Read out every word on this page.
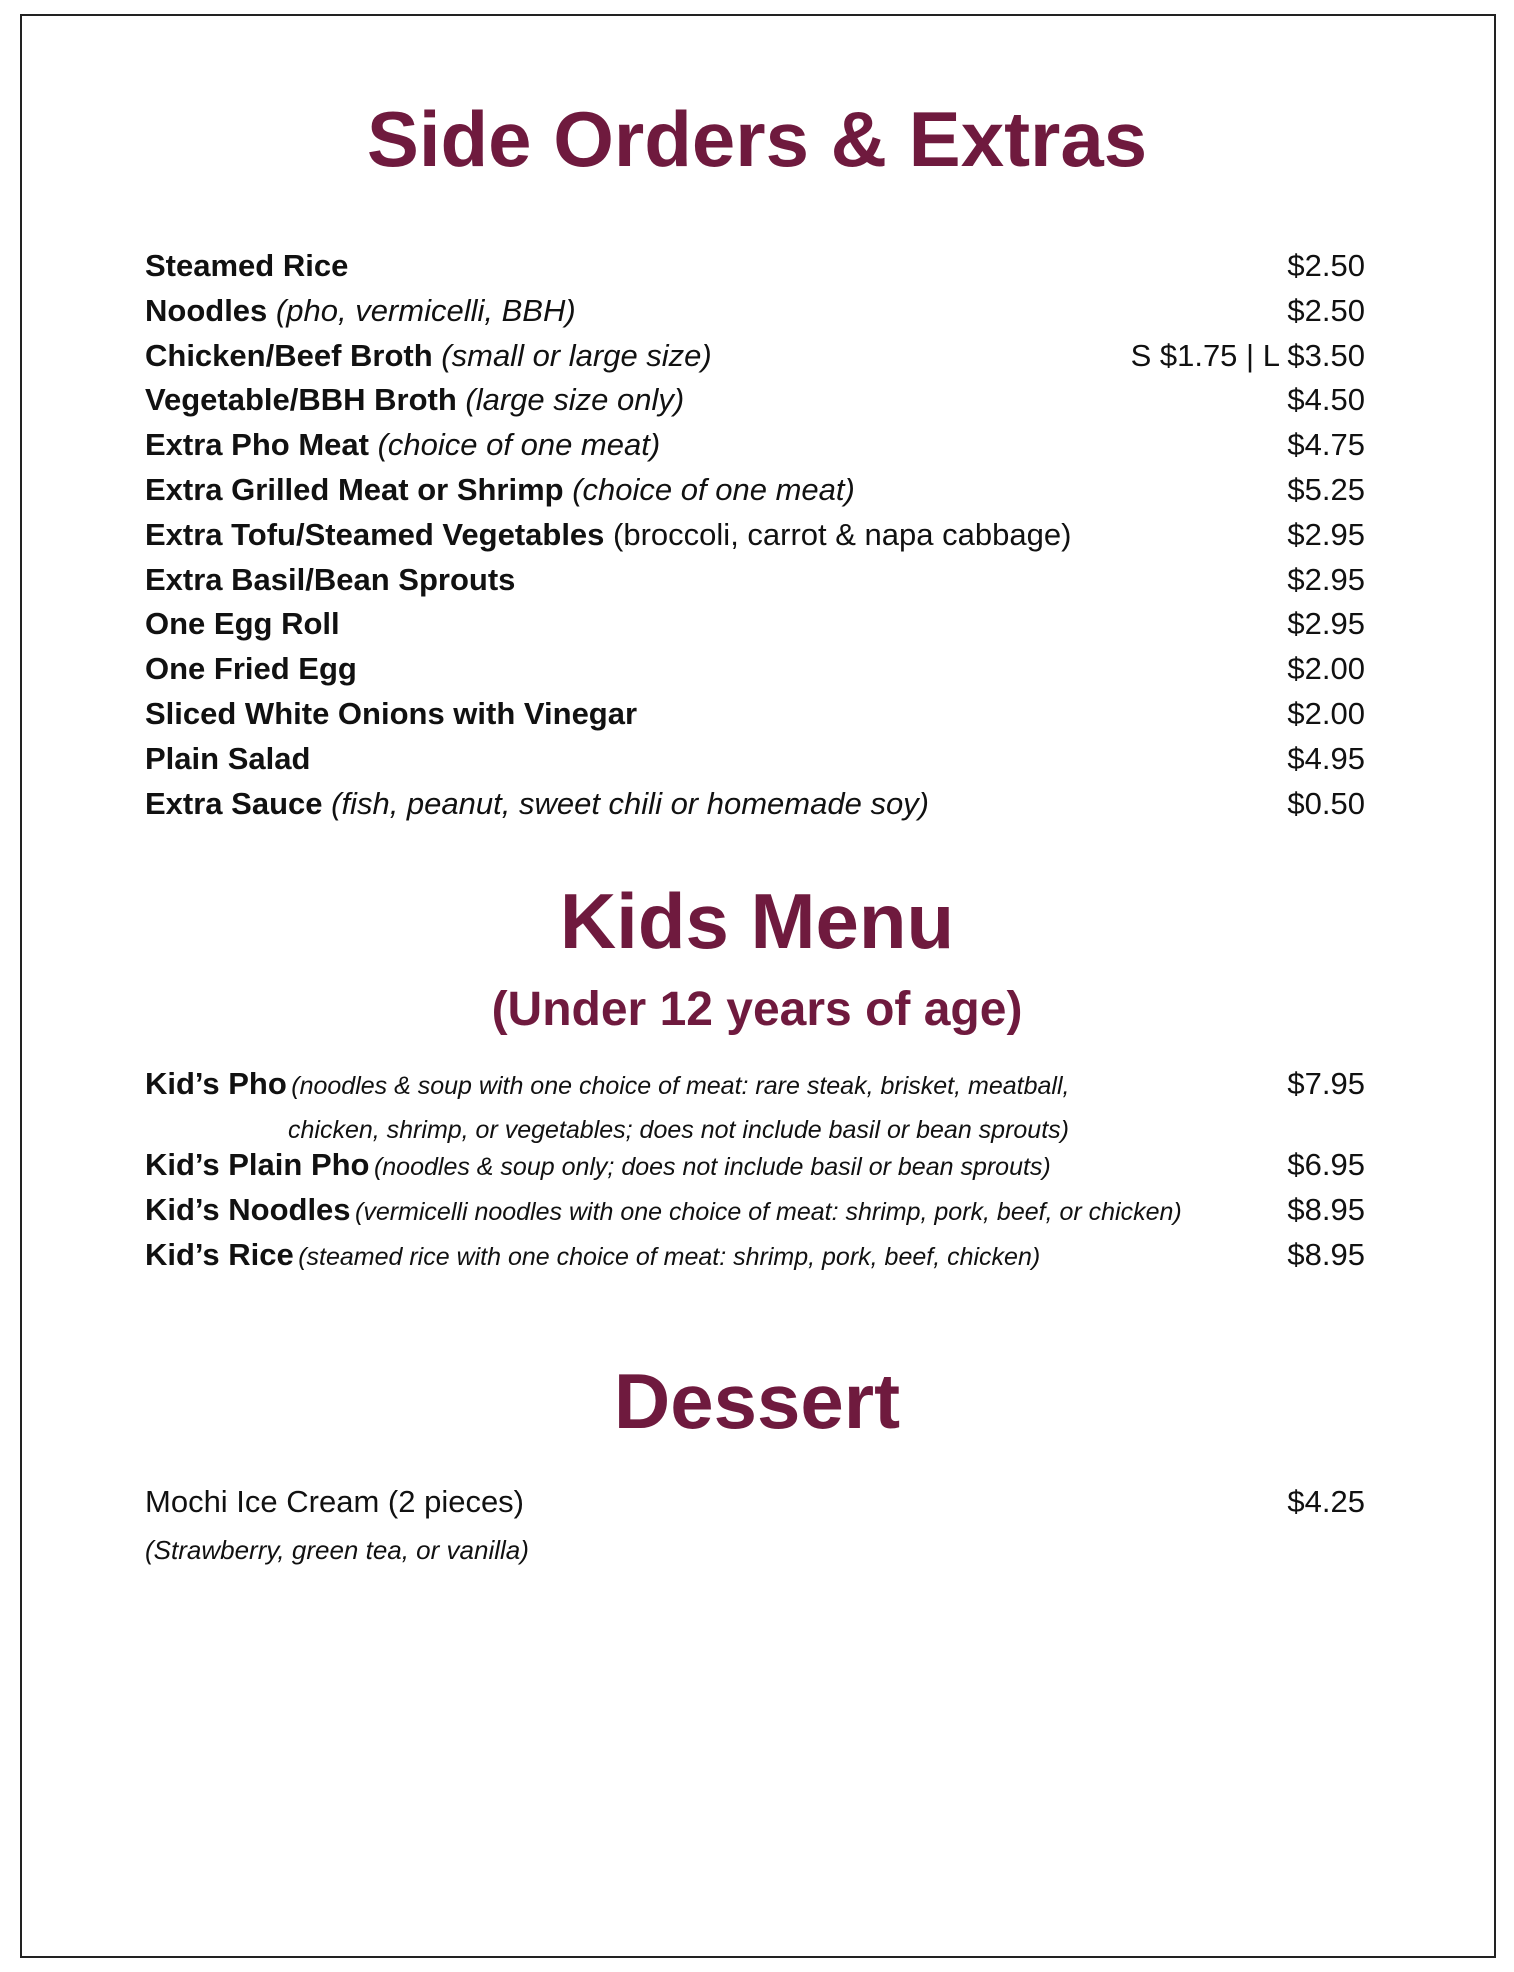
Side Orders & Extras
Steamed Rice	$2.50
Noodles (pho, vermicelli, BBH)	$2.50
Chicken/Beef Broth (small or large size)	S $1.75 | L $3.50
Vegetable/BBH Broth (large size only)	$4.50
Extra Pho Meat (choice of one meat)	$4.75
Extra Grilled Meat or Shrimp (choice of one meat)	$5.25
Extra Tofu/Steamed Vegetables (broccoli, carrot & napa cabbage)	$2.95
Extra Basil/Bean Sprouts	$2.95
One Egg Roll	$2.95
One Fried Egg	$2.00
Sliced White Onions with Vinegar	$2.00
Plain Salad	$4.95
Extra Sauce (fish, peanut, sweet chili or homemade soy)	$0.50
Kids Menu
(Under 12 years of age)
Kid’s Pho (noodles & soup with one choice of meat: rare steak, brisket, meatball,
chicken, shrimp, or vegetables; does not include basil or bean sprouts)
$7.95
Kid’s Plain Pho (noodles & soup only; does not include basil or bean sprouts)	$6.95
Kid’s Noodles (vermicelli noodles with one choice of meat: shrimp, pork, beef, or chicken)	$8.95
Kid’s Rice (steamed rice with one choice of meat: shrimp, pork, beef, chicken)	$8.95
Dessert
Mochi Ice Cream (2 pieces)	$4.25
(Strawberry, green tea, or vanilla)
